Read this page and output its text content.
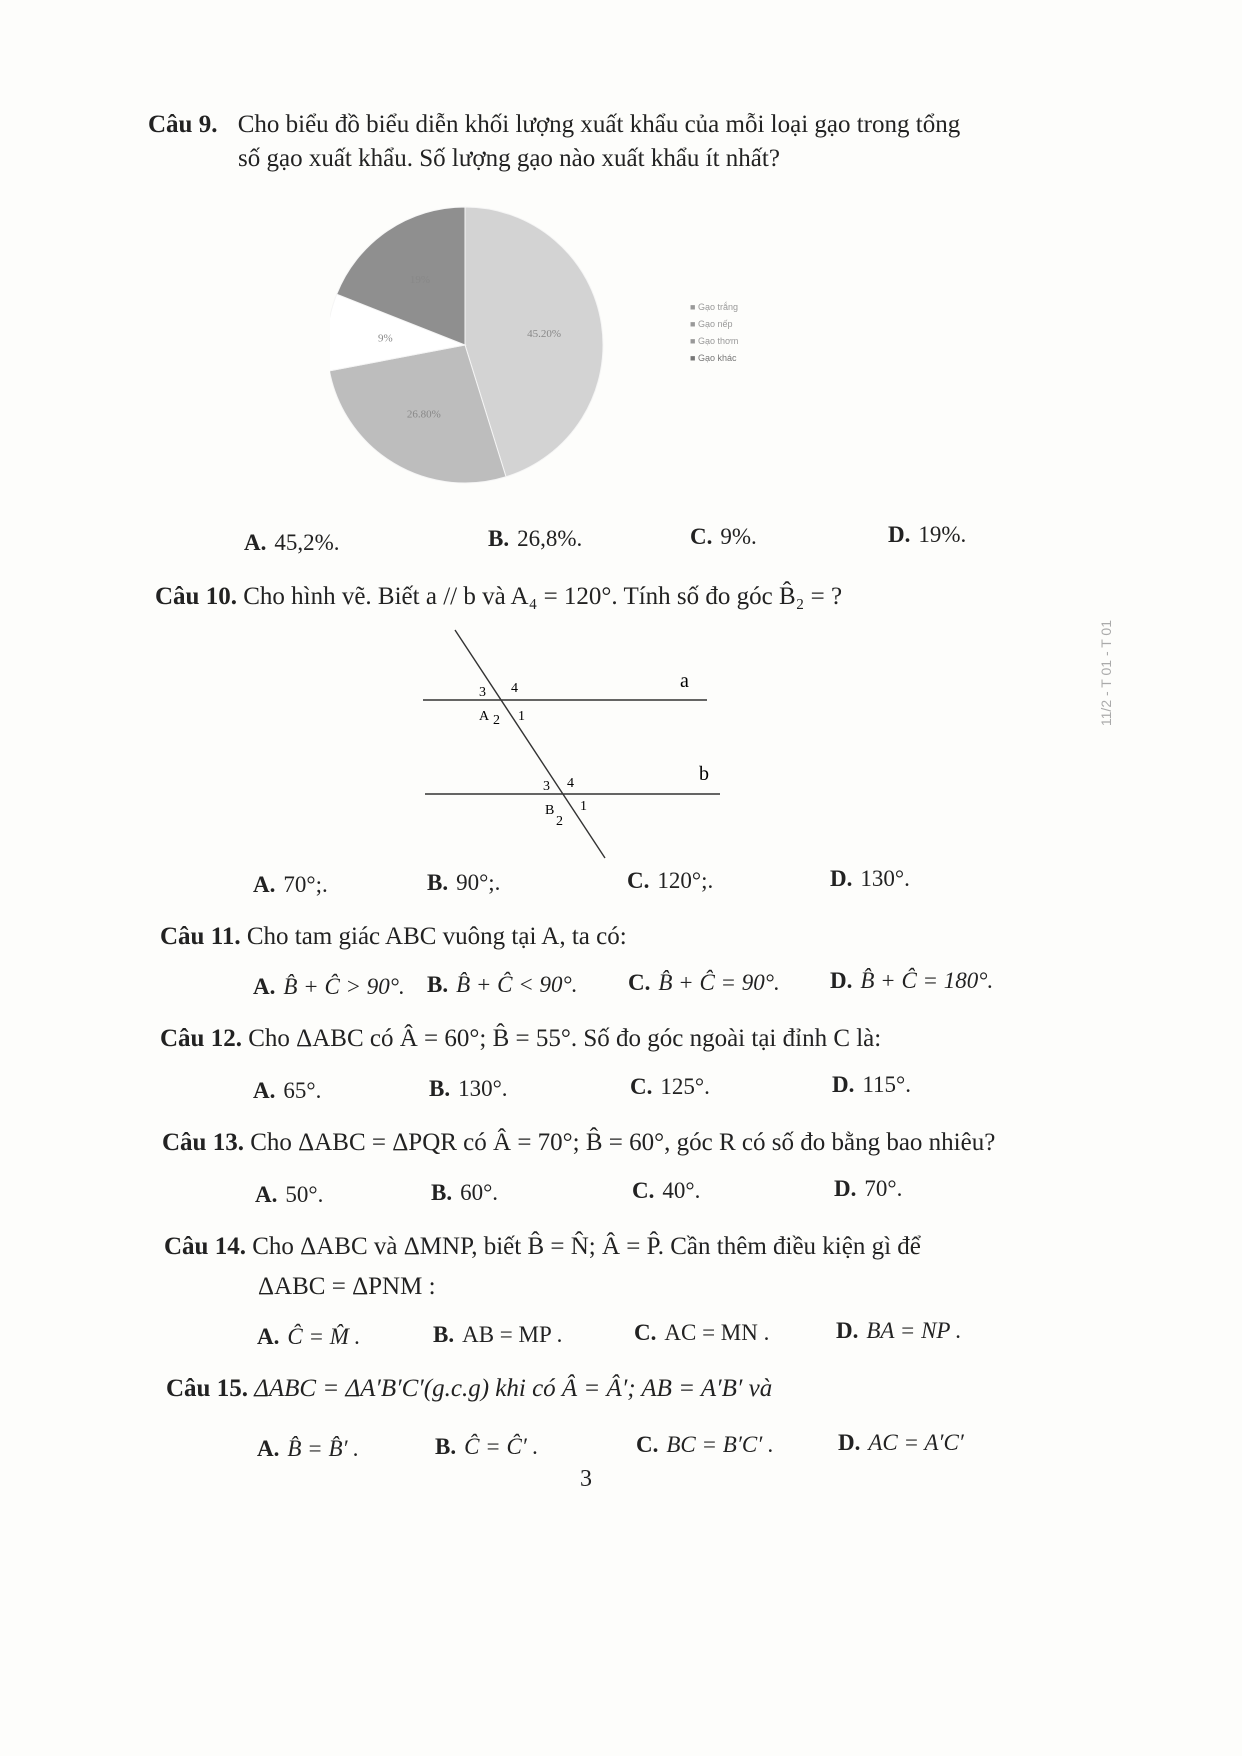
Câu 9. Cho biểu đồ biểu diễn khối lượng xuất khẩu của mỗi loại gạo trong tổng
số gạo xuất khẩu. Số lượng gạo nào xuất khẩu ít nhất?
45.20%
26.80%
9%
19%
■ Gạo trắng
■ Gạo nếp
■ Gạo thơm
■ Gạo khác
A. 45,2%.	B. 26,8%.	C. 9%.	D. 19%.
Câu 10. Cho hình vẽ. Biết a // b và A₄ = 120°. Tính số đo góc B̂₂ = ?
a
b
3 4
A 2 1
3 4
B
2
1
A. 70°;.	B. 90°;.	C. 120°;.	D. 130°.
11/2 - T 01 - T 01
Câu 11. Cho tam giác ABC vuông tại A, ta có:
A. B̂ + Ĉ > 90°. B. B̂ + Ĉ < 90°. C. B̂ + Ĉ = 90°. D. B̂ + Ĉ = 180°.
Câu 12. Cho ΔABC có Â = 60°; B̂ = 55°. Số đo góc ngoài tại đỉnh C là:
A. 65°.	B. 130°.	C. 125°.	D. 115°.
Câu 13. Cho ΔABC = ΔPQR có Â = 70°; B̂ = 60°, góc R có số đo bằng bao nhiêu?
A. 50°.	B. 60°.	C. 40°.	D. 70°.
Câu 14. Cho ΔABC và ΔMNP, biết B̂ = N̂; Â = P̂. Cần thêm điều kiện gì để
ΔABC = ΔPNM :
A. Ĉ = M̂ .	B. AB = MP .	C. AC = MN .	D. BA = NP .
Câu 15. ΔABC = ΔA′B′C′(g.c.g) khi có Â = Â′; AB = A′B′ và
A. B̂ = B̂′ .	B. Ĉ = Ĉ′ .	C. BC = B′C′ .	D. AC = A′C′
3
